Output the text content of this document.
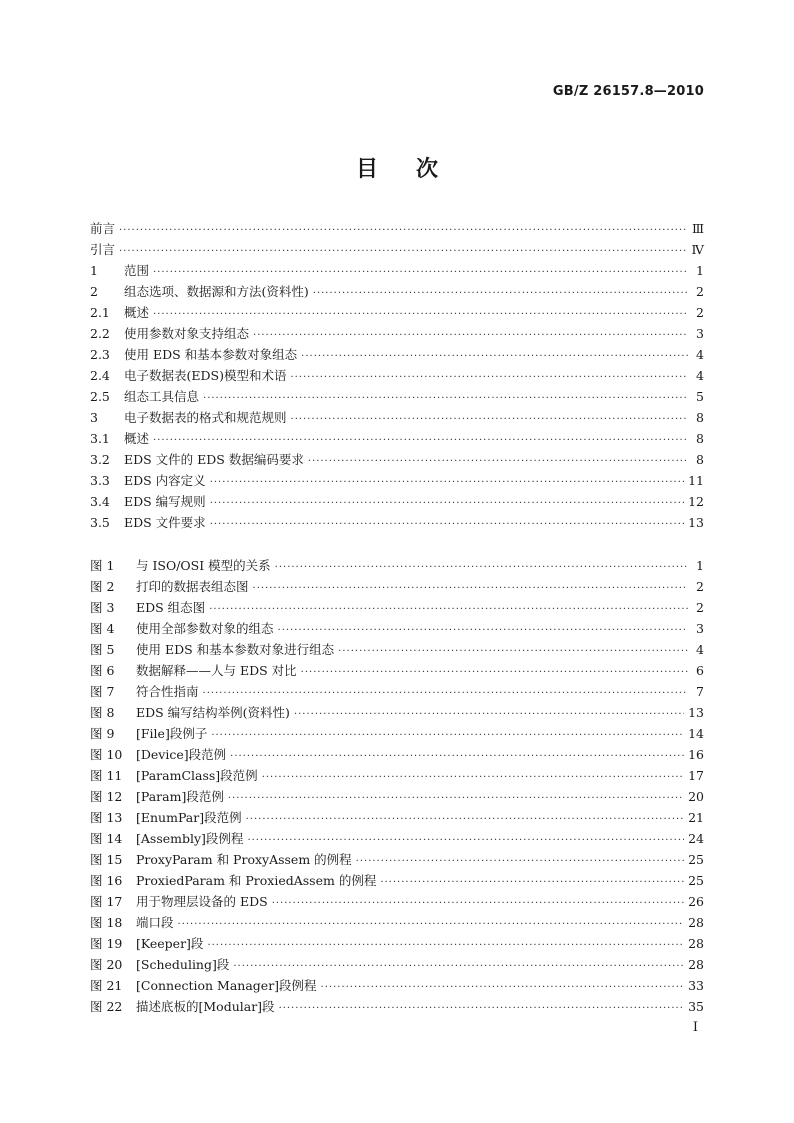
GB/Z 26157.8—2010
目次
前言 ·····	Ⅲ
引言 ·····	Ⅳ
1	范围 ·····	1
2	组态选项、数据源和方法(资料性) ·····	2
2.1	概述 ·····	2
2.2	使用参数对象支持组态 ·····	3
2.3	使用 EDS 和基本参数对象组态 ·····	4
2.4	电子数据表(EDS)模型和术语 ·····	4
2.5	组态工具信息 ·····	5
3	电子数据表的格式和规范规则 ·····	8
3.1	概述 ·····	8
3.2	EDS 文件的 EDS 数据编码要求 ·····	8
3.3	EDS 内容定义 ·····	11
3.4	EDS 编写规则 ·····	12
3.5	EDS 文件要求 ·····	13
图 1	与 ISO/OSI 模型的关系 ·····	1
图 2	打印的数据表组态图 ·····	2
图 3	EDS 组态图 ·····	2
图 4	使用全部参数对象的组态 ·····	3
图 5	使用 EDS 和基本参数对象进行组态 ·····	4
图 6	数据解释——人与 EDS 对比 ·····	6
图 7	符合性指南 ·····	7
图 8	EDS 编写结构举例(资料性) ·····	13
图 9	[File]段例子 ·····	14
图 10	[Device]段范例 ·····	16
图 11	[ParamClass]段范例 ·····	17
图 12	[Param]段范例 ·····	20
图 13	[EnumPar]段范例 ·····	21
图 14	[Assembly]段例程 ·····	24
图 15	ProxyParam 和 ProxyAssem 的例程 ·····	25
图 16	ProxiedParam 和 ProxiedAssem 的例程 ·····	25
图 17	用于物理层设备的 EDS ·····	26
图 18	端口段 ·····	28
图 19	[Keeper]段 ·····	28
图 20	[Scheduling]段 ·····	28
图 21	[Connection Manager]段例程 ·····	33
图 22	描述底板的[Modular]段 ·····	35
I
